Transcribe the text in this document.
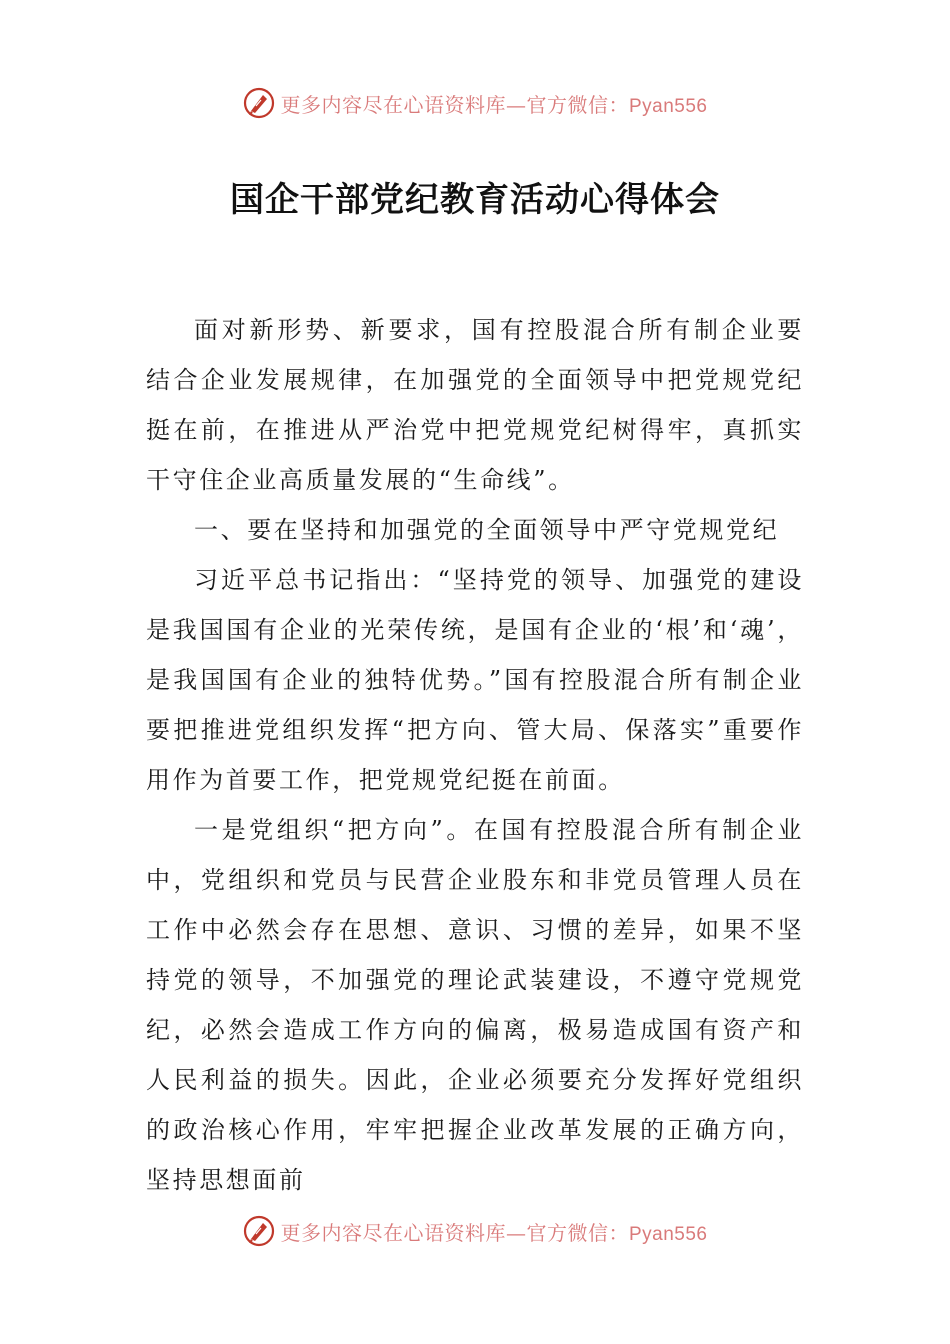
更多内容尽在心语资料库—官方微信：Pyan556
国企干部党纪教育活动心得体会

面对新形势、新要求，国有控股混合所有制企业要结合企业发展规律，在加强党的全面领导中把党规党纪挺在前，在推进从严治党中把党规党纪树得牢，真抓实干守住企业高质量发展的“生命线”。

一、要在坚持和加强党的全面领导中严守党规党纪

习近平总书记指出：“坚持党的领导、加强党的建设是我国国有企业的光荣传统，是国有企业的‘根’和‘魂’，是我国国有企业的独特优势。”国有控股混合所有制企业要把推进党组织发挥“把方向、管大局、保落实”重要作用作为首要工作，把党规党纪挺在前面。

一是党组织“把方向”。在国有控股混合所有制企业中，党组织和党员与民营企业股东和非党员管理人员在工作中必然会存在思想、意识、习惯的差异，如果不坚持党的领导，不加强党的理论武装建设，不遵守党规党纪，必然会造成工作方向的偏离，极易造成国有资产和人民利益的损失。因此，企业必须要充分发挥好党组织的政治核心作用，牢牢把握企业改革发展的正确方向，坚持思想面前

更多内容尽在心语资料库—官方微信：Pyan556
